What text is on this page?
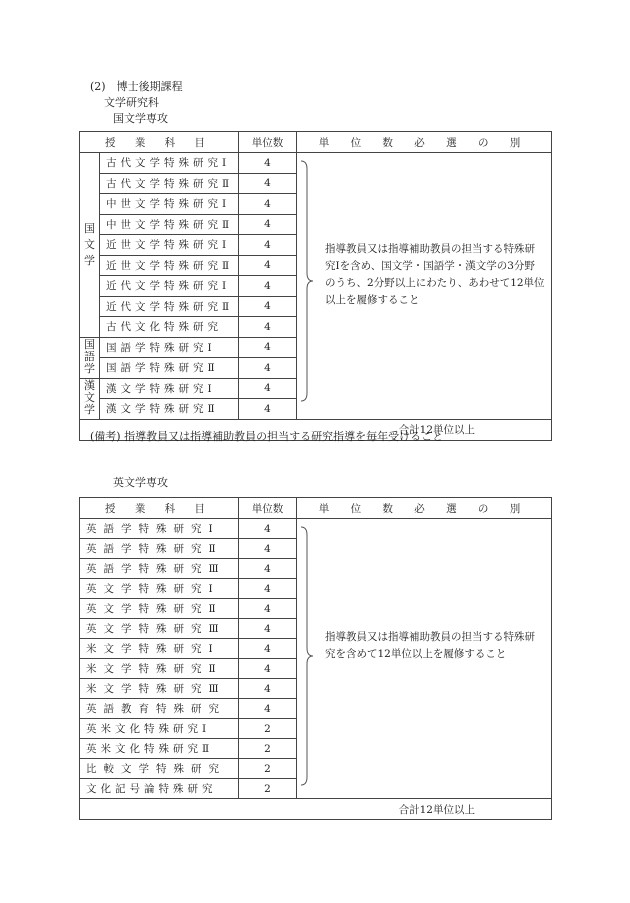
(2)　博士後期課程
文学研究科
国文学専攻
授 業 科 目		単位数	単 位 数 必 選 の 別
国文学	古代文学特殊研究Ⅰ	4	指導教員又は指導補助教員の担当する特殊研究Ⅰを含め、国文学・国語学・漢文学の3分野のうち、2分野以上にわたり、あわせて12単位以上を履修すること

	古代文学特殊研究Ⅱ	4	
	中世文学特殊研究Ⅰ	4	
	中世文学特殊研究Ⅱ	4	
	近世文学特殊研究Ⅰ	4	
	近世文学特殊研究Ⅱ	4	
	近代文学特殊研究Ⅰ	4	
	近代文学特殊研究Ⅱ	4	
	古代文化特殊研究	4	
国語学	国語学特殊研究Ⅰ	4	
	国語学特殊研究Ⅱ	4	
漢文学	漢文学特殊研究Ⅰ	4	
	漢文学特殊研究Ⅱ	4	
合計12単位以上			
(備考) 指導教員又は指導補助教員の担当する研究指導を毎年受けること
英文学専攻
授 業 科 目	単位数	単 位 数 必 選 の 別
英語学特殊研究Ⅰ	4	指導教員又は指導補助教員の担当する特殊研究を含めて12単位以上を履修すること

英語学特殊研究Ⅱ	4	
英語学特殊研究Ⅲ	4	
英文学特殊研究Ⅰ	4	
英文学特殊研究Ⅱ	4	
英文学特殊研究Ⅲ	4	
米文学特殊研究Ⅰ	4	
米文学特殊研究Ⅱ	4	
米文学特殊研究Ⅲ	4	
英語教育特殊研究	4	
英米文化特殊研究Ⅰ	2	
英米文化特殊研究Ⅱ	2	
比較文学特殊研究	2	
文化記号論特殊研究	2	
合計12単位以上		
